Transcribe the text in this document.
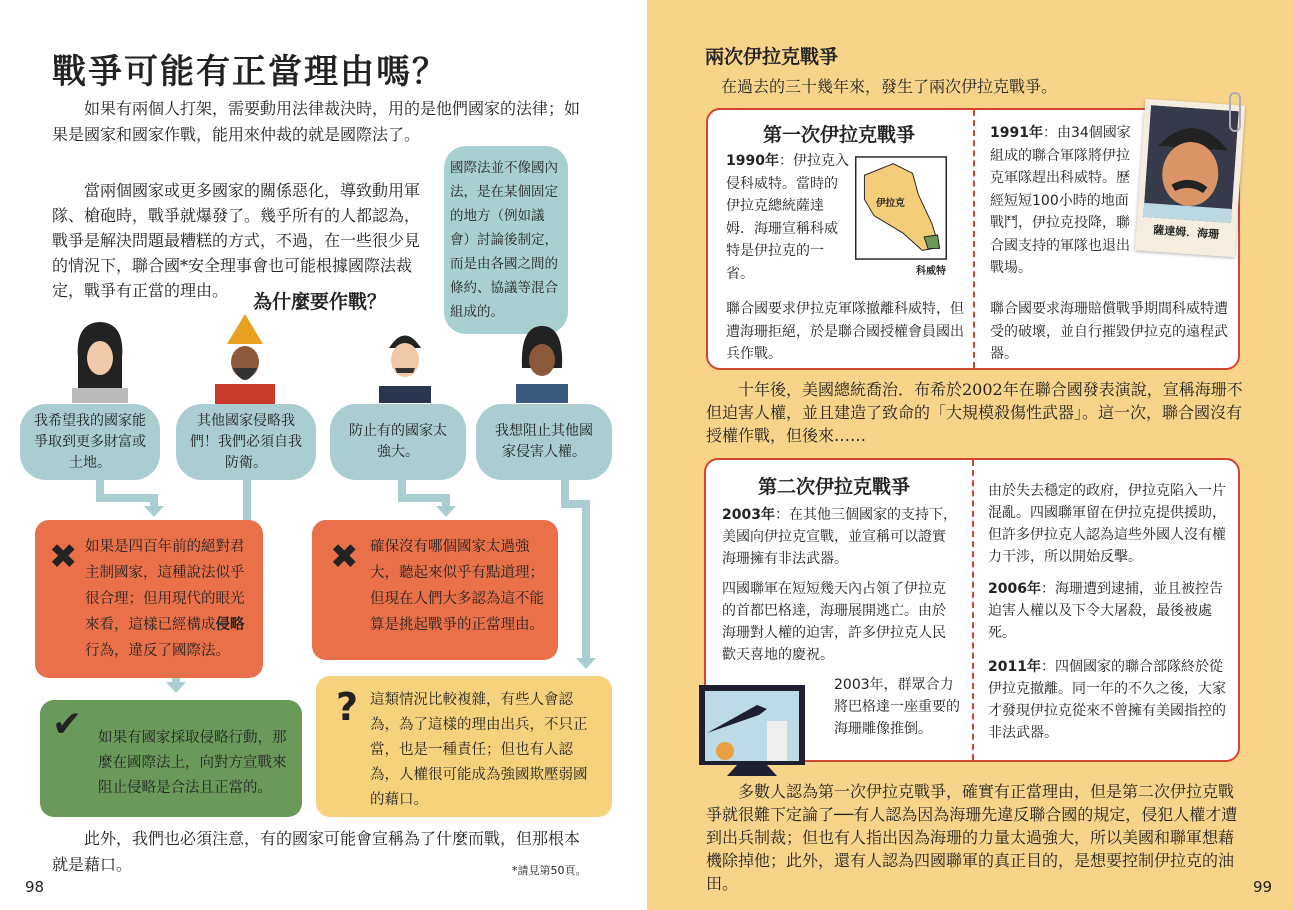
戰爭可能有正當理由嗎？
如果有兩個人打架，需要動用法律裁決時，用的是他們國家的法律；如果是國家和國家作戰，能用來仲裁的就是國際法了。
當兩個國家或更多國家的關係惡化，導致動用軍隊、槍砲時，戰爭就爆發了。幾乎所有的人都認為，戰爭是解決問題最糟糕的方式，不過，在一些很少見的情況下，聯合國*安全理事會也可能根據國際法裁定，戰爭有正當的理由。
國際法並不像國內法，是在某個固定的地方（例如議會）討論後制定，而是由各國之間的條約、協議等混合組成的。
為什麼要作戰？
我希望我的國家能爭取到更多財富或土地。
其他國家侵略我們！我們必須自我防衛。
防止有的國家太強大。
我想阻止其他國家侵害人權。
✖ 如果是四百年前的絕對君主制國家，這種說法似乎很合理；但用現代的眼光來看，這樣已經構成侵略行為，違反了國際法。
✖ 確保沒有哪個國家太過強大，聽起來似乎有點道理；但現在人們大多認為這不能算是挑起戰爭的正當理由。
✔ 如果有國家採取侵略行動，那麼在國際法上，向對方宣戰來阻止侵略是合法且正當的。
? 這類情況比較複雜，有些人會認為，為了這樣的理由出兵，不只正當，也是一種責任；但也有人認為，人權很可能成為強國欺壓弱國的藉口。
此外，我們也必須注意，有的國家可能會宣稱為了什麼而戰，但那根本就是藉口。	*請見第50頁。
98
兩次伊拉克戰爭
在過去的三十幾年來，發生了兩次伊拉克戰爭。
第一次伊拉克戰爭
1990年：伊拉克入侵科威特。當時的伊拉克總統薩達姆．海珊宣稱科威特是伊拉克的一省。
伊拉克
科威特
聯合國要求伊拉克軍隊撤離科威特，但遭海珊拒絕，於是聯合國授權會員國出兵作戰。
1991年：由34個國家組成的聯合軍隊將伊拉克軍隊趕出科威特。歷經短短100小時的地面戰鬥，伊拉克投降，聯合國支持的軍隊也退出戰場。
聯合國要求海珊賠償戰爭期間科威特遭受的破壞，並自行摧毀伊拉克的遠程武器。
薩達姆．海珊
十年後，美國總統喬治．布希於2002年在聯合國發表演說，宣稱海珊不但迫害人權，並且建造了致命的「大規模殺傷性武器」。這一次，聯合國沒有授權作戰，但後來……
第二次伊拉克戰爭
2003年：在其他三個國家的支持下，美國向伊拉克宣戰，並宣稱可以證實海珊擁有非法武器。
四國聯軍在短短幾天內占領了伊拉克的首都巴格達，海珊展開逃亡。由於海珊對人權的迫害，許多伊拉克人民歡天喜地的慶祝。
2003年，群眾合力將巴格達一座重要的海珊雕像推倒。
由於失去穩定的政府，伊拉克陷入一片混亂。四國聯軍留在伊拉克提供援助，但許多伊拉克人認為這些外國人沒有權力干涉，所以開始反擊。
2006年：海珊遭到逮捕，並且被控告迫害人權以及下令大屠殺，最後被處死。
2011年：四個國家的聯合部隊終於從伊拉克撤離。同一年的不久之後，大家才發現伊拉克從來不曾擁有美國指控的非法武器。
多數人認為第一次伊拉克戰爭，確實有正當理由，但是第二次伊拉克戰爭就很難下定論了──有人認為因為海珊先違反聯合國的規定，侵犯人權才遭到出兵制裁；但也有人指出因為海珊的力量太過強大，所以美國和聯軍想藉機除掉他；此外，還有人認為四國聯軍的真正目的，是想要控制伊拉克的油田。	99
